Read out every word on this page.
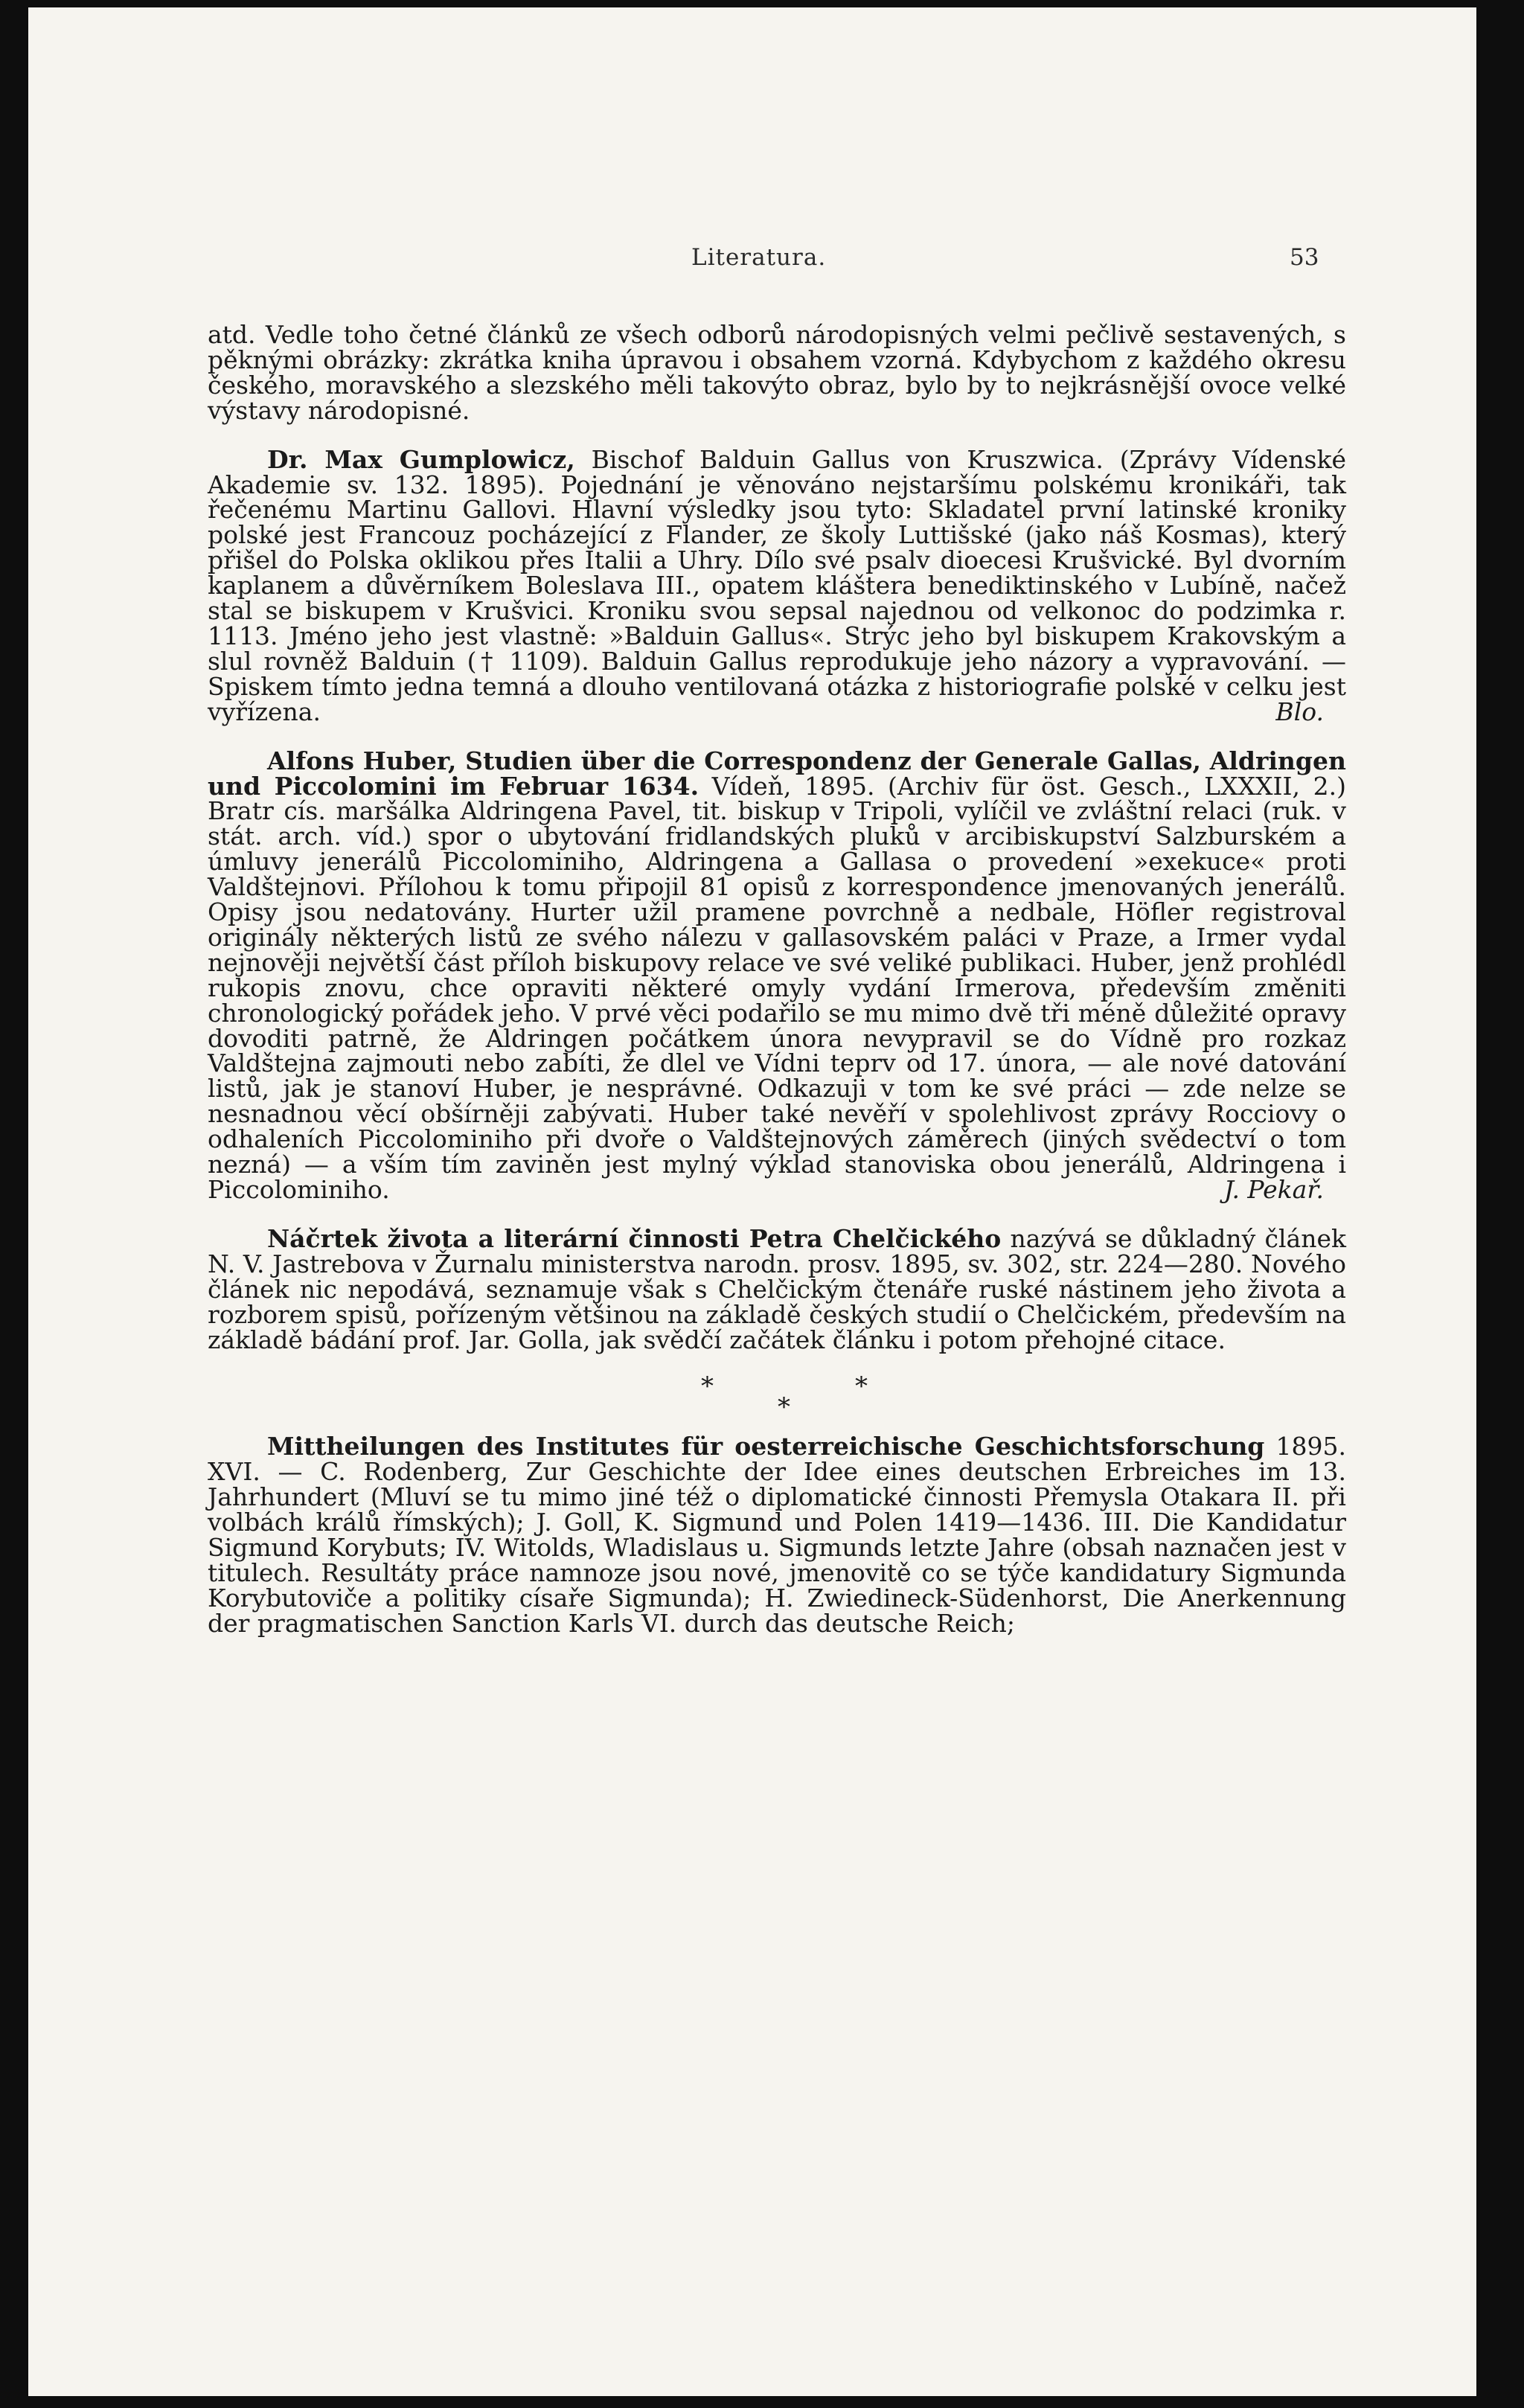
Literatura.	53

atd. Vedle toho četné článků ze všech odborů národopisných velmi pečlivě sestavených, s pěknými obrázky: zkrátka kniha úpravou i obsahem vzorná. Kdybychom z každého okresu českého, moravského a slezského měli takovýto obraz, bylo by to nejkrásnější ovoce velké výstavy národopisné.

Dr. Max Gumplowicz, Bischof Balduin Gallus von Kruszwica. (Zprávy Vídenské Akademie sv. 132. 1895). Pojednání je věnováno nejstaršímu polskému kronikáři, tak řečenému Martinu Gallovi. Hlavní výsledky jsou tyto: Skladatel první latinské kroniky polské jest Francouz pocházející z Flander, ze školy Luttišské (jako náš Kosmas), který přišel do Polska oklikou přes Italii a Uhry. Dílo své psalv dioecesi Krušvické. Byl dvorním kaplanem a důvěrníkem Boleslava III., opatem kláštera benediktinského v Lubíně, načež stal se biskupem v Krušvici. Kroniku svou sepsal najednou od velkonoc do podzimka r. 1113. Jméno jeho jest vlastně: »Balduin Gallus«. Strýc jeho byl biskupem Krakovským a slul rovněž Balduin († 1109). Balduin Gallus reprodukuje jeho názory a vypravování. — Spiskem tímto jedna temná a dlouho ventilovaná otázka z historiografie polské v celku jest vyřízena.	Blo.

Alfons Huber, Studien über die Correspondenz der Generale Gallas, Aldringen und Piccolomini im Februar 1634. Vídeň, 1895. (Archiv für öst. Gesch., LXXXII, 2.) Bratr cís. maršálka Aldringena Pavel, tit. biskup v Tripoli, vylíčil ve zvláštní relaci (ruk. v stát. arch. víd.) spor o ubytování fridlandských pluků v arcibiskupství Salzburském a úmluvy jenerálů Piccolominiho, Aldringena a Gallasa o provedení »exekuce« proti Valdštejnovi. Přílohou k tomu připojil 81 opisů z korrespondence jmenovaných jenerálů. Opisy jsou nedatovány. Hurter užil pramene povrchně a nedbale, Höfler registroval originály některých listů ze svého nálezu v gallasovském paláci v Praze, a Irmer vydal nejnověji největší část příloh biskupovy relace ve své veliké publikaci. Huber, jenž prohlédl rukopis znovu, chce opraviti některé omyly vydání Irmerova, především změniti chronologický pořádek jeho. V prvé věci podařilo se mu mimo dvě tři méně důležité opravy dovoditi patrně, že Aldringen počátkem února nevypravil se do Vídně pro rozkaz Valdštejna zajmouti nebo zabíti, že dlel ve Vídni teprv od 17. února, — ale nové datování listů, jak je stanoví Huber, je nesprávné. Odkazuji v tom ke své práci — zde nelze se nesnadnou věcí obšírněji zabývati. Huber také nevěří v spolehlivost zprávy Rocciovy o odhaleních Piccolominiho při dvoře o Valdštejnových záměrech (jiných svědectví o tom nezná) — a vším tím zaviněn jest mylný výklad stanoviska obou jenerálů, Aldringena i Piccolominiho.	J. Pekař.

Náčrtek života a literární činnosti Petra Chelčického nazývá se důkladný článek N. V. Jastrebova v Žurnalu ministerstva narodn. prosv. 1895, sv. 302, str. 224—280. Nového článek nic nepodává, seznamuje však s Chelčickým čtenáře ruské nástinem jeho života a rozborem spisů, pořízeným většinou na základě českých studií o Chelčickém, především na základě bádání prof. Jar. Golla, jak svědčí začátek článku i potom přehojné citace.

*	*
*

Mittheilungen des Institutes für oesterreichische Geschichtsforschung 1895. XVI. — C. Rodenberg, Zur Geschichte der Idee eines deutschen Erbreiches im 13. Jahrhundert (Mluví se tu mimo jiné též o diplomatické činnosti Přemysla Otakara II. při volbách králů římských); J. Goll, K. Sigmund und Polen 1419—1436. III. Die Kandidatur Sigmund Korybuts; IV. Witolds, Wladislaus u. Sigmunds letzte Jahre (obsah naznačen jest v titulech. Resultáty práce namnoze jsou nové, jmenovitě co se týče kandidatury Sigmunda Korybutoviče a politiky císaře Sigmunda); H. Zwiedineck-Südenhorst, Die Anerkennung der pragmatischen Sanction Karls VI. durch das deutsche Reich;
